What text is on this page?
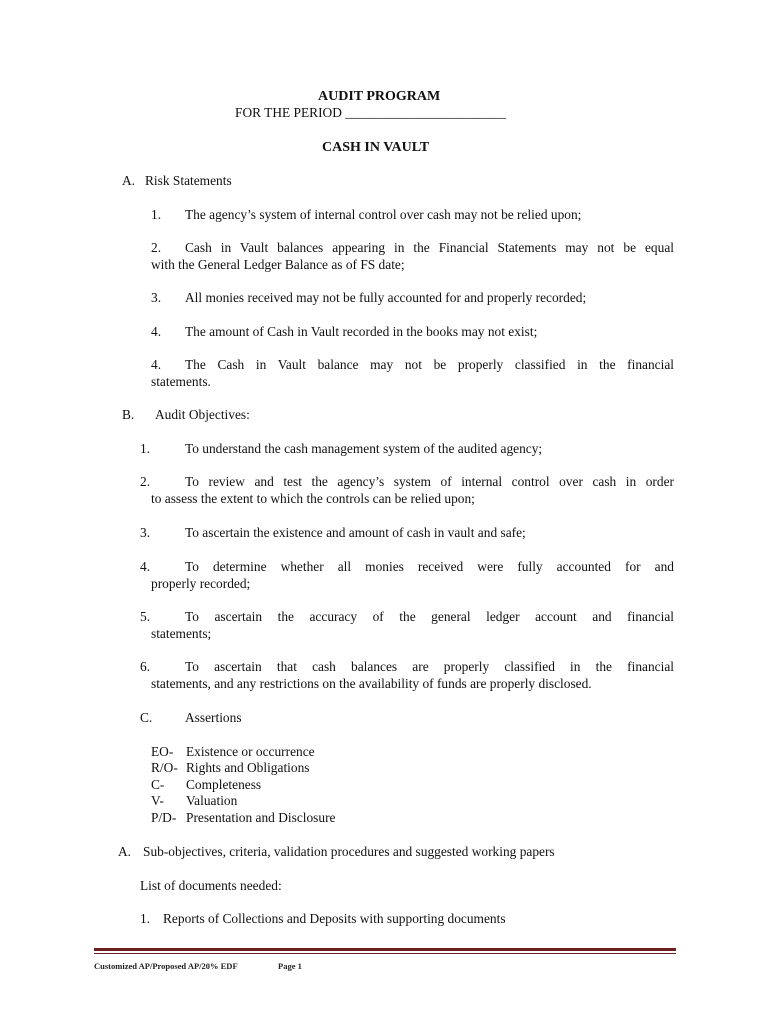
AUDIT PROGRAM
FOR THE PERIOD ________________________
CASH IN VAULT
A. Risk Statements
1. The agency’s system of internal control over cash may not be relied upon;
2. Cash in Vault balances appearing in the Financial Statements may not be equal
with the General Ledger Balance as of FS date;
3. All monies received may not be fully accounted for and properly recorded;
4. The amount of Cash in Vault recorded in the books may not exist;
4. The Cash in Vault balance may not be properly classified in the financial
statements.
B. Audit Objectives:
1.	To understand the cash management system of the audited agency;
2.	To review and test the agency’s system of internal control over cash in order
to assess the extent to which the controls can be relied upon;
3.	To ascertain the existence and amount of cash in vault and safe;
4.	To determine whether all monies received were fully accounted for and
properly recorded;
5.	To ascertain the accuracy of the general ledger account and financial
statements;
6.	To ascertain that cash balances are properly classified in the financial
statements, and any restrictions on the availability of funds are properly disclosed.
C. Assertions
EO- Existence or occurrence
R/O- Rights and Obligations
C- Completeness
V- Valuation
P/D- Presentation and Disclosure
A. Sub-objectives, criteria, validation procedures and suggested working papers
List of documents needed:
1. Reports of Collections and Deposits with supporting documents
Customized AP/Proposed AP/20% EDF	Page 1
